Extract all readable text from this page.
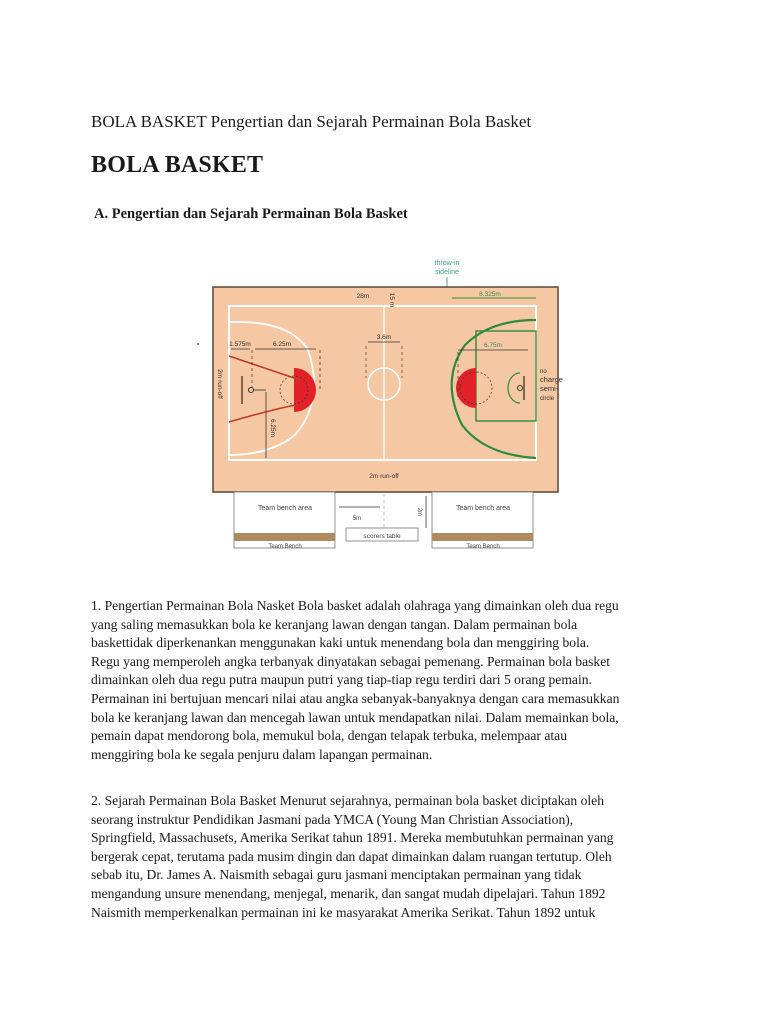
BOLA BASKET Pengertian dan Sejarah Permainan Bola Basket
BOLA BASKET
A. Pengertian dan Sejarah Permainan Bola Basket
throw-in
sideline
3.6m
1.575m	6.25m
6.25m
2m run-off
28m	15 m	8.325m
6.75m
no
charge
semi-
circle
2m run-off
Team bench area
Team Bench
Team bench area
Team Bench
5m
2m
scorers table
1. Pengertian Permainan Bola Nasket Bola basket adalah olahraga yang dimainkan oleh dua regu
yang saling memasukkan bola ke keranjang lawan dengan tangan. Dalam permainan bola
baskettidak diperkenankan menggunakan kaki untuk menendang bola dan menggiring bola.
Regu yang memperoleh angka terbanyak dinyatakan sebagai pemenang. Permainan bola basket
dimainkan oleh dua regu putra maupun putri yang tiap-tiap regu terdiri dari 5 orang pemain.
Permainan ini bertujuan mencari nilai atau angka sebanyak-banyaknya dengan cara memasukkan
bola ke keranjang lawan dan mencegah lawan untuk mendapatkan nilai. Dalam memainkan bola,
pemain dapat mendorong bola, memukul bola, dengan telapak terbuka, melempaar atau
menggiring bola ke segala penjuru dalam lapangan permainan.
2. Sejarah Permainan Bola Basket Menurut sejarahnya, permainan bola basket diciptakan oleh
seorang instruktur Pendidikan Jasmani pada YMCA (Young Man Christian Association),
Springfield, Massachusets, Amerika Serikat tahun 1891. Mereka membutuhkan permainan yang
bergerak cepat, terutama pada musim dingin dan dapat dimainkan dalam ruangan tertutup. Oleh
sebab itu, Dr. James A. Naismith sebagai guru jasmani menciptakan permainan yang tidak
mengandung unsure menendang, menjegal, menarik, dan sangat mudah dipelajari. Tahun 1892
Naismith memperkenalkan permainan ini ke masyarakat Amerika Serikat. Tahun 1892 untuk
